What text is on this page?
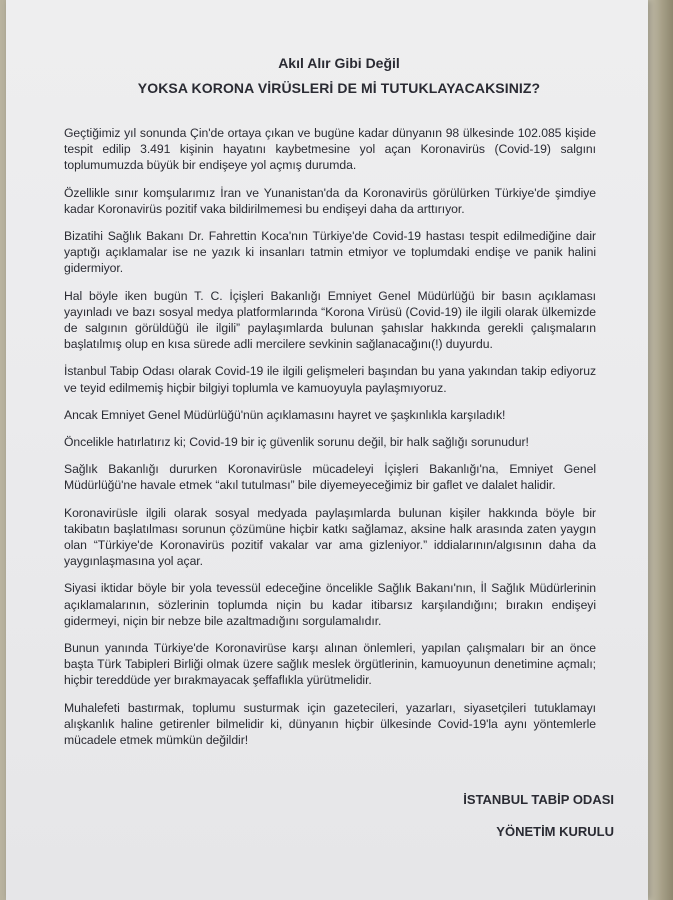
Akıl Alır Gibi Değil
YOKSA KORONA VİRÜSLERİ DE Mİ TUTUKLAYACAKSINIZ?

Geçtiğimiz yıl sonunda Çin'de ortaya çıkan ve bugüne kadar dünyanın 98 ülkesinde 102.085 kişide tespit edilip 3.491 kişinin hayatını kaybetmesine yol açan Koronavirüs (Covid-19) salgını toplumumuzda büyük bir endişeye yol açmış durumda.

Özellikle sınır komşularımız İran ve Yunanistan'da da Koronavirüs görülürken Türkiye'de şimdiye kadar Koronavirüs pozitif vaka bildirilmemesi bu endişeyi daha da arttırıyor.

Bizatihi Sağlık Bakanı Dr. Fahrettin Koca'nın Türkiye'de Covid-19 hastası tespit edilmediğine dair yaptığı açıklamalar ise ne yazık ki insanları tatmin etmiyor ve toplumdaki endişe ve panik halini gidermiyor.

Hal böyle iken bugün T. C. İçişleri Bakanlığı Emniyet Genel Müdürlüğü bir basın açıklaması yayınladı ve bazı sosyal medya platformlarında “Korona Virüsü (Covid-19) ile ilgili olarak ülkemizde de salgının görüldüğü ile ilgili” paylaşımlarda bulunan şahıslar hakkında gerekli çalışmaların başlatılmış olup en kısa sürede adli mercilere sevkinin sağlanacağını(!) duyurdu.

İstanbul Tabip Odası olarak Covid-19 ile ilgili gelişmeleri başından bu yana yakından takip ediyoruz ve teyid edilmemiş hiçbir bilgiyi toplumla ve kamuoyuyla paylaşmıyoruz.

Ancak Emniyet Genel Müdürlüğü'nün açıklamasını hayret ve şaşkınlıkla karşıladık!

Öncelikle hatırlatırız ki; Covid-19 bir iç güvenlik sorunu değil, bir halk sağlığı sorunudur!

Sağlık Bakanlığı dururken Koronavirüsle mücadeleyi İçişleri Bakanlığı'na, Emniyet Genel Müdürlüğü'ne havale etmek “akıl tutulması” bile diyemeyeceğimiz bir gaflet ve dalalet halidir.

Koronavirüsle ilgili olarak sosyal medyada paylaşımlarda bulunan kişiler hakkında böyle bir takibatın başlatılması sorunun çözümüne hiçbir katkı sağlamaz, aksine halk arasında zaten yaygın olan “Türkiye'de Koronavirüs pozitif vakalar var ama gizleniyor.” iddialarının/algısının daha da yaygınlaşmasına yol açar.

Siyasi iktidar böyle bir yola tevessül edeceğine öncelikle Sağlık Bakanı'nın, İl Sağlık Müdürlerinin açıklamalarının, sözlerinin toplumda niçin bu kadar itibarsız karşılandığını; bırakın endişeyi gidermeyi, niçin bir nebze bile azaltmadığını sorgulamalıdır.

Bunun yanında Türkiye'de Koronavirüse karşı alınan önlemleri, yapılan çalışmaları bir an önce başta Türk Tabipleri Birliği olmak üzere sağlık meslek örgütlerinin, kamuoyunun denetimine açmalı; hiçbir tereddüde yer bırakmayacak şeffaflıkla yürütmelidir.

Muhalefeti bastırmak, toplumu susturmak için gazetecileri, yazarları, siyasetçileri tutuklamayı alışkanlık haline getirenler bilmelidir ki, dünyanın hiçbir ülkesinde Covid-19'la aynı yöntemlerle mücadele etmek mümkün değildir!

İSTANBUL TABİP ODASI
YÖNETİM KURULU
